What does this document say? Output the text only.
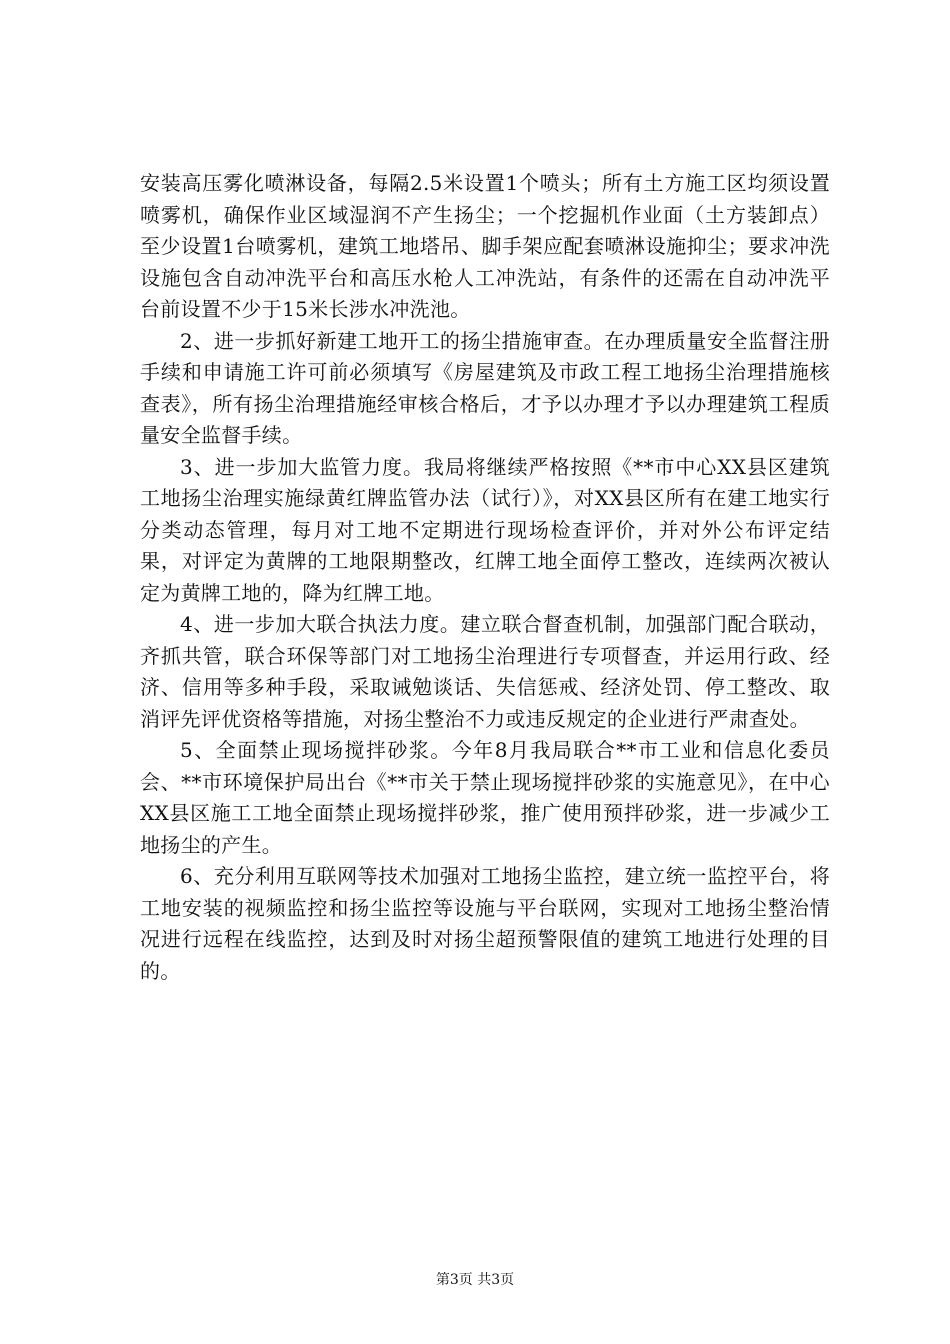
安装高压雾化喷淋设备，每隔2.5米设置1个喷头；所有土方施工区均须设置喷雾机，确保作业区域湿润不产生扬尘；一个挖掘机作业面（土方装卸点）至少设置1台喷雾机，建筑工地塔吊、脚手架应配套喷淋设施抑尘；要求冲洗设施包含自动冲洗平台和高压水枪人工冲洗站，有条件的还需在自动冲洗平台前设置不少于15米长涉水冲洗池。

2、进一步抓好新建工地开工的扬尘措施审查。在办理质量安全监督注册手续和申请施工许可前必须填写《房屋建筑及市政工程工地扬尘治理措施核查表》，所有扬尘治理措施经审核合格后，才予以办理才予以办理建筑工程质量安全监督手续。

3、进一步加大监管力度。我局将继续严格按照《**市中心XX县区建筑工地扬尘治理实施绿黄红牌监管办法（试行）》，对XX县区所有在建工地实行分类动态管理，每月对工地不定期进行现场检查评价，并对外公布评定结果，对评定为黄牌的工地限期整改，红牌工地全面停工整改，连续两次被认定为黄牌工地的，降为红牌工地。

4、进一步加大联合执法力度。建立联合督查机制，加强部门配合联动，齐抓共管，联合环保等部门对工地扬尘治理进行专项督查，并运用行政、经济、信用等多种手段，采取诫勉谈话、失信惩戒、经济处罚、停工整改、取消评先评优资格等措施，对扬尘整治不力或违反规定的企业进行严肃查处。

5、全面禁止现场搅拌砂浆。今年8月我局联合**市工业和信息化委员会、**市环境保护局出台《**市关于禁止现场搅拌砂浆的实施意见》，在中心XX县区施工工地全面禁止现场搅拌砂浆，推广使用预拌砂浆，进一步减少工地扬尘的产生。

6、充分利用互联网等技术加强对工地扬尘监控，建立统一监控平台，将工地安装的视频监控和扬尘监控等设施与平台联网，实现对工地扬尘整治情况进行远程在线监控，达到及时对扬尘超预警限值的建筑工地进行处理的目的。

第3页 共3页
